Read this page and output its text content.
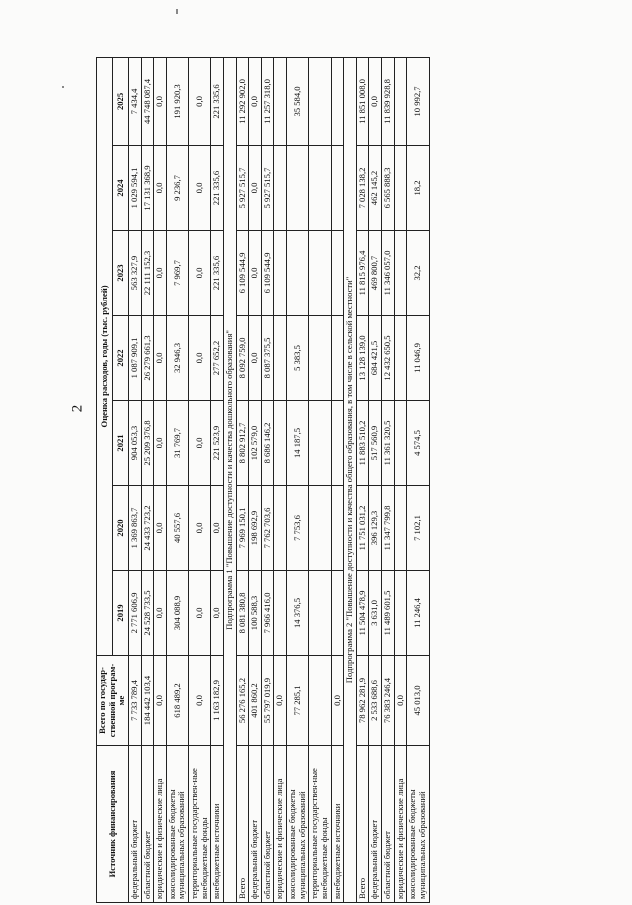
2
Источник финансирования	Всего по государ-ственной програм-ме	Оценка расходов, годы (тыс. рублей)						
		2019	2020	2021	2022	2023	2024	2025
федеральный бюджет	7 733 789,4	2 771 606,9	1 369 863,7	904 053,3	1 087 909,1	563 327,9	1 029 594,1	7 434,4
областной бюджет	184 442 103,4	24 528 733,5	24 433 723,2	25 209 376,8	26 279 661,3	22 111 152,3	17 131 368,9	44 748 087,4
юридические и физические лица	0,0	0,0	0,0	0,0	0,0	0,0	0,0	0,0
консолидированные бюджеты муниципальных образований	618 489,2	304 088,9	40 557,6	31 769,7	32 946,3	7 969,7	9 236,7	191 920,3
территориальные государствен-ные внебюджетные фонды	0,0	0,0	0,0	0,0	0,0	0,0	0,0	0,0
внебюджетные источники	1 163 182,9	0,0	0,0	221 523,9	277 652,2	221 335,6	221 335,6	221 335,6
Подпрограмма 1 "Повышение доступности и качества дошкольного образования"								
Всего	56 276 165,2	8 081 380,8	7 969 150,1	8 802 912,7	8 092 759,0	6 109 544,9	5 927 515,7	11 292 902,0
федеральный бюджет	401 860,2	100 588,3	198 692,9	102 579,0	0,0	0,0	0,0	0,0
областной бюджет	55 797 019,9	7 966 416,0	7 762 703,6	8 686 146,2	8 087 375,5	6 109 544,9	5 927 515,7	11 257 318,0
юридические и физические лица	0,0							
консолидированные бюджеты муниципальных образований	77 285,1	14 376,5	7 753,6	14 187,5	5 383,5			35 584,0
территориальные государствен-ные внебюджетные фонды								
внебюджетные источники	0,0							
Подпрограмма 2 "Повышение доступности и качества общего образования, в том числе в сельской местности"								
Всего	78 962 281,9	11 504 478,9	11 751 031,2	11 883 510,2	13 128 139,0	11 815 976,4	7 028 138,2	11 851 008,0
федеральный бюджет	2 533 688,6	3 631,0	396 129,3	517 560,9	684 421,5	469 800,7	462 145,2	0,0
областной бюджет	76 383 246,4	11 489 601,5	11 347 799,8	11 361 320,5	12 432 650,5	11 346 057,0	6 565 888,3	11 839 928,8
юридические и физические лица	0,0							
консолидированные бюджеты муниципальных образований	45 013,0	11 246,4	7 102,1	4 574,5	11 046,9	32,2	18,2	10 992,7
